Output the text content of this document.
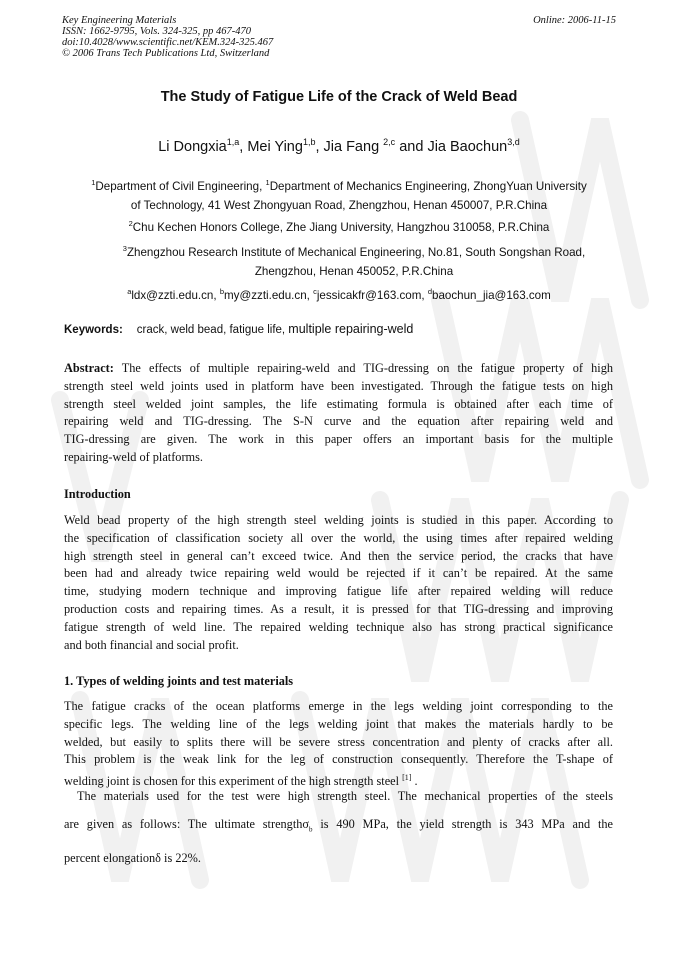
Key Engineering Materials
ISSN: 1662-9795, Vols. 324-325, pp 467-470
doi:10.4028/www.scientific.net/KEM.324-325.467
© 2006 Trans Tech Publications Ltd, Switzerland
Online: 2006-11-15
The Study of Fatigue Life of the Crack of Weld Bead
Li Dongxia$^{1,a}$, Mei Ying$^{1,b}$, Jia Fang $^{2,c}$ and Jia Baochun$^{3,d}$
$^1$Department of Civil Engineering, $^1$Department of Mechanics Engineering, ZhongYuan University
of Technology, 41 West Zhongyuan Road, Zhengzhou, Henan 450007, P.R.China
$^2$Chu Kechen Honors College, Zhe Jiang University, Hangzhou 310058, P.R.China
$^3$Zhengzhou Research Institute of Mechanical Engineering, No.81, South Songshan Road,
Zhengzhou, Henan 450052, P.R.China
$^a$ldx@zzti.edu.cn, $^b$my@zzti.edu.cn, $^c$jessicakfr@163.com, $^d$baochun_jia@163.com
Keywords: crack, weld bead, fatigue life, multiple repairing-weld
Abstract: The effects of multiple repairing-weld and TIG-dressing on the fatigue property of high
strength steel weld joints used in platform have been investigated. Through the fatigue tests on high
strength steel welded joint samples, the life estimating formula is obtained after each time of
repairing weld and TIG-dressing. The S-N curve and the equation after repairing weld and
TIG-dressing are given. The work in this paper offers an important basis for the multiple
repairing-weld of platforms.
Introduction
Weld bead property of the high strength steel welding joints is studied in this paper. According to
the specification of classification society all over the world, the using times after repaired welding
high strength steel in general can’t exceed twice. And then the service period, the cracks that have
been had and already twice repairing weld would be rejected if it can’t be repaired. At the same
time, studying modern technique and improving fatigue life after repaired welding will reduce
production costs and repairing times. As a result, it is pressed for that TIG-dressing and improving
fatigue strength of weld line. The repaired welding technique also has strong practical significance
and both financial and social profit.
1. Types of welding joints and test materials
The fatigue cracks of the ocean platforms emerge in the legs welding joint corresponding to the
specific legs. The welding line of the legs welding joint that makes the materials hardly to be
welded, but easily to splits there will be severe stress concentration and plenty of cracks after all.
This problem is the weak link for the leg of construction consequently. Therefore the T-shape of
welding joint is chosen for this experiment of the high strength steel [1] .
The materials used for the test were high strength steel. The mechanical properties of the steels
are given as follows: The ultimate strengthσ$_b$ is 490 MPa, the yield strength is 343 MPa and the
percent elongationδ is 22%.
